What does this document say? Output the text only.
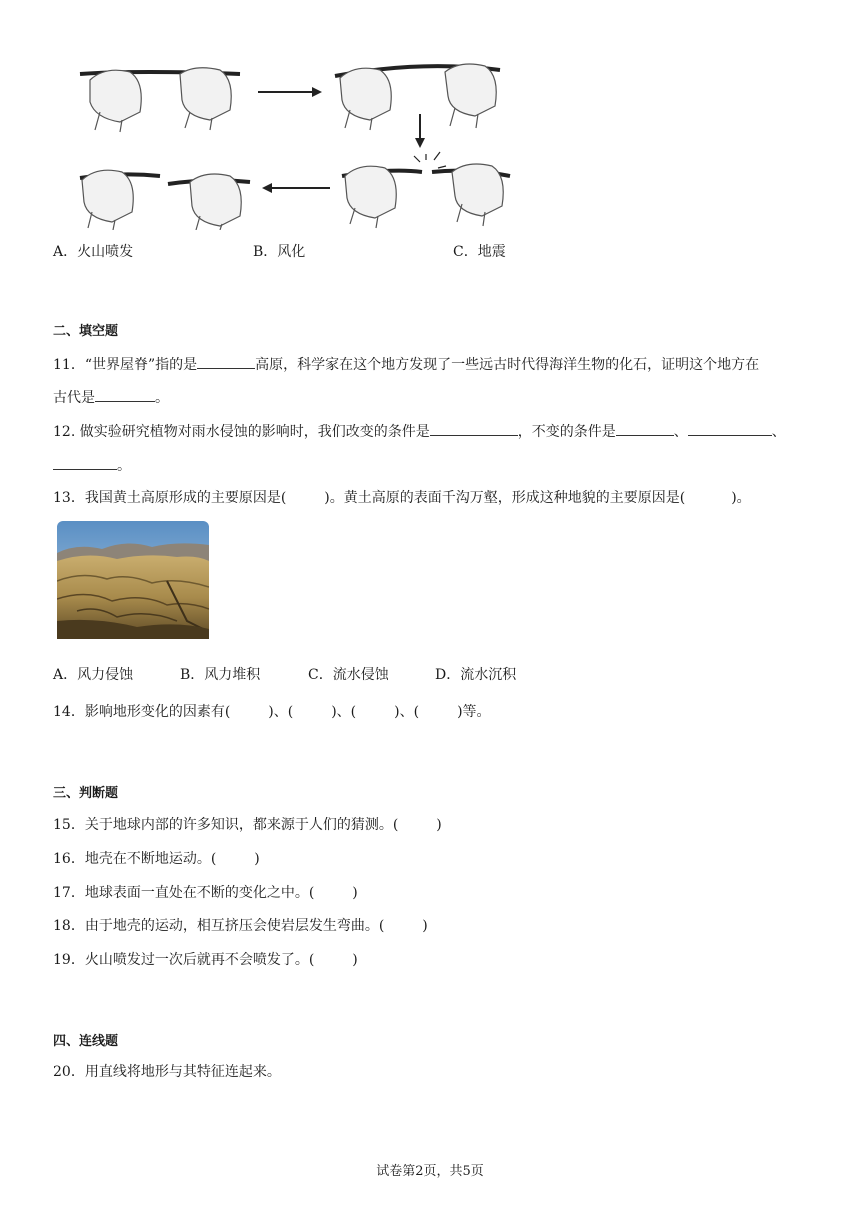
A．火山喷发	B．风化	C．地震
二、填空题
11．“世界屋脊”指的是	高原，科学家在这个地方发现了一些远古时代得海洋生物的化石，证明这个地方在
古代是	。
12. 做实验研究植物对雨水侵蚀的影响时，我们改变的条件是	，不变的条件是	、	、
。
13．我国黄土高原形成的主要原因是(	)。黄土高原的表面千沟万壑，形成这种地貌的主要原因是(	)。
A．风力侵蚀	B．风力堆积	C．流水侵蚀	D．流水沉积
14．影响地形变化的因素有(	)、(	)、(	)、(	)等。
三、判断题
15．关于地球内部的许多知识，都来源于人们的猜测。(	)
16．地壳在不断地运动。(	)
17．地球表面一直处在不断的变化之中。(	)
18．由于地壳的运动，相互挤压会使岩层发生弯曲。(	)
19．火山喷发过一次后就再不会喷发了。(	)
四、连线题
20．用直线将地形与其特征连起来。
试卷第2页，共5页
